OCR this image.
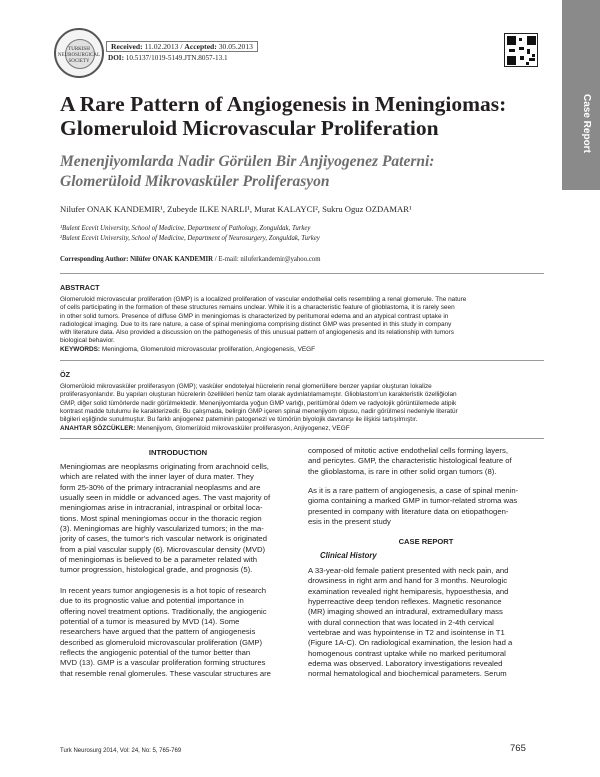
TURKISH NEUROSURGICAL SOCIETY
Received: 11.02.2013 / Accepted: 30.05.2013
DOI: 10.5137/1019-5149.JTN.8057-13.1
Case Report
A Rare Pattern of Angiogenesis in Meningiomas:
Glomeruloid Microvascular Proliferation
Menenjiyomlarda Nadir Görülen Bir Anjiyogenez Paterni:
Glomerüloid Mikrovasküler Proliferasyon
Nilufer ONAK KANDEMIR¹, Zubeyde ILKE NARLI¹, Murat KALAYCI², Sukru Oguz OZDAMAR¹
¹Bulent Ecevit University, School of Medicine, Department of Pathology, Zonguldak, Turkey
²Bulent Ecevit University, School of Medicine, Department of Neurosurgery, Zonguldak, Turkey
Corresponding Author: Nilüfer ONAK KANDEMIR / E-mail: niluferkandemir@yahoo.com
ABSTRACT
Glomeruloid microvascular proliferation (GMP) is a localized proliferation of vascular endothelial cells resembling a renal glomerule. The nature
of cells participating in the formation of these structures remains unclear. While it is a characteristic feature of glioblastoma, it is rarely seen
in other solid tumors. Presence of diffuse GMP in meningiomas is characterized by peritumoral edema and an atypical contrast uptake in
radiological imaging. Due to its rare nature, a case of spinal meningioma comprising distinct GMP was presented in this study in company
with literature data. Also provided a discussion on the pathogenesis of this unusual pattern of angiogenesis and its relationship with tumors
biological behavior.
KEYWORDS: Meningioma, Glomeruloid microvascular proliferation, Angiogenesis, VEGF
ÖZ
Glomerüloid mikrovasküler proliferasyon (GMP); vasküler endotelyal hücrelerin renal glomerüllere benzer yapılar oluşturan lokalize
proliferasyonlarıdır. Bu yapıları oluşturan hücrelerin özellikleri henüz tam olarak aydınlatılamamıştır. Glioblastom'un karakteristik özelliğiolan
GMP, diğer solid tümörlerde nadir görülmektedir. Menenjiyomlarda yoğun GMP varlığı, peritümöral ödem ve radyolojik görüntülemede atipik
kontrast madde tutulumu ile karakterizedir. Bu çalışmada, belirgin GMP içeren spinal menenjiyom olgusu, nadir görülmesi nedeniyle literatür
bilgileri eşliğinde sunulmuştur. Bu farklı anjiogenez pateminin patogenezi ve tümörün biyolojik davranışı ile ilişkisi tartışılmıştır.
ANAHTAR SÖZCÜKLER: Menenjiyom, Glomerüloid mikrovasküler proliferasyon, Anjiyogenez, VEGF
INTRODUCTION
Meningiomas are neoplasms originating from arachnoid cells,
which are related with the inner layer of dura mater. They
form 25-30% of the primary intracranial neoplasms and are
usually seen in middle or advanced ages. The vast majority of
meningiomas arise in intracranial, intraspinal or orbital loca-
tions. Most spinal meningiomas occur in the thoracic region
(3). Meningiomas are highly vascularized tumors; in the ma-
jority of cases, the tumor's rich vascular network is originated
from a pial vascular supply (6). Microvascular density (MVD)
of meningiomas is believed to be a parameter related with
tumor progression, histological grade, and prognosis (5).
In recent years tumor angiogenesis is a hot topic of research
due to its prognostic value and potential importance in
offering novel treatment options. Traditionally, the angiogenic
potential of a tumor is measured by MVD (14). Some
researchers have argued that the pattern of angiogenesis
described as glomeruloid microvascular proliferation (GMP)
reflects the angiogenic potential of the tumor better than
MVD (13). GMP is a vascular proliferation forming structures
that resemble renal glomerules. These vascular structures are
composed of mitotic active endothelial cells forming layers,
and pericytes. GMP, the characteristic histological feature of
the glioblastoma, is rare in other solid organ tumors (8).
As it is a rare pattern of angiogenesis, a case of spinal menin-
gioma containing a marked GMP in tumor-related stroma was
presented in company with literature data on etiopathogen-
esis in the present study
CASE REPORT
Clinical History
A 33-year-old female patient presented with neck pain, and
drowsiness in right arm and hand for 3 months. Neurologic
examination revealed right hemiparesis, hypoesthesia, and
hyperreactive deep tendon reflexes. Magnetic resonance
(MR) imaging showed an intradural, extramedullary mass
with dural connection that was located in 2-4th cervical
vertebrae and was hypointense in T2 and isointense in T1
(Figure 1A-C). On radiological examination, the lesion had a
homogenous contrast uptake while no marked peritumoral
edema was observed. Laboratory investigations revealed
normal hematological and biochemical parameters. Serum
Turk Neurosurg 2014, Vol: 24, No: 5, 765-769	765
